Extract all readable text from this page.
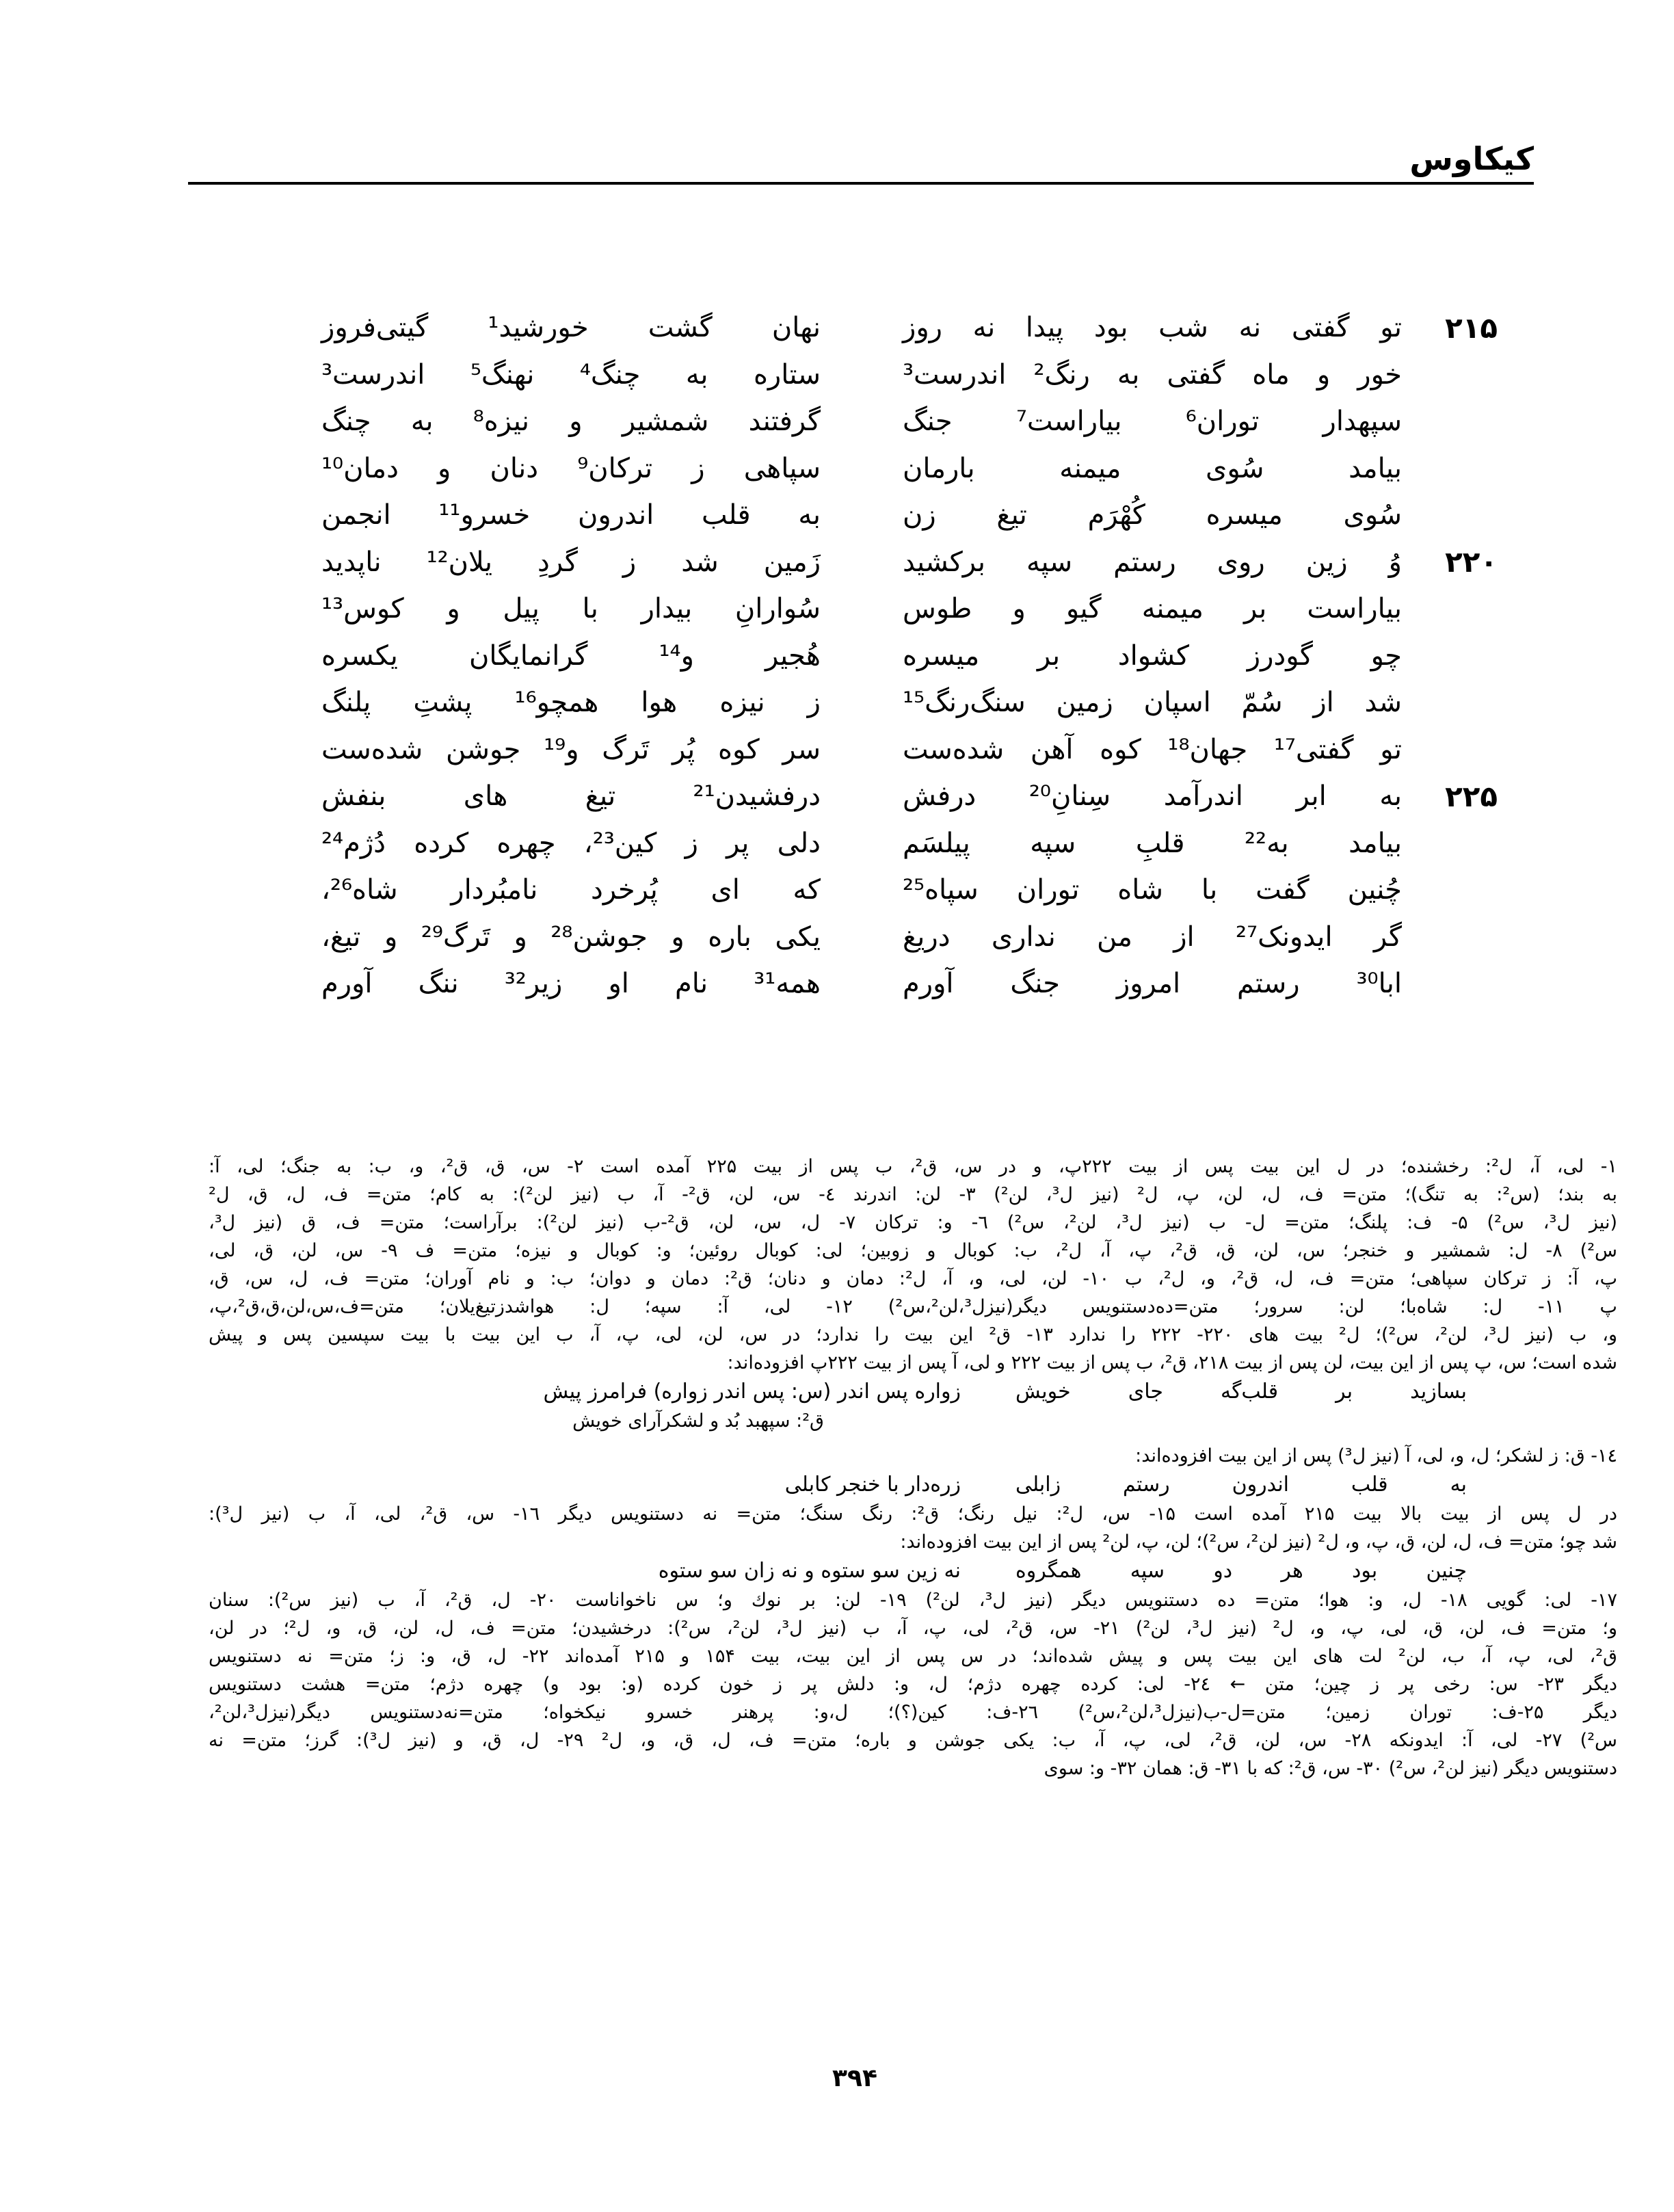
کیکاوس
۲۱۵
تو گفتی نه شب بود پیدا نه روز
نهان گشت خورشید¹ گیتی‌فروز
خور و ماه گفتی به رنگ² اندرست³
ستاره به چنگ⁴ نهنگ⁵ اندرست³
سپهدار توران⁶ بیاراست⁷ جنگ
گرفتند شمشیر و نیزه⁸ به چنگ
بیامد سُوی میمنه بارمان
سپاهی ز ترکان⁹ دنان و دمان¹⁰
سُوی میسره کُهْرَم تیغ زن
به قلب اندرون خسرو¹¹ انجمن
۲۲۰
وُ زین روی رستم سپه برکشید
زَمین شد ز گردِ یلان¹² ناپدید
بیاراست بر میمنه گیو و طوس
سُوارانِ بیدار با پیل و کوس¹³
چو گودرز کشواد بر میسره
هُجیر و¹⁴ گرانمایگان یکسره
شد از سُمّ اسپان زمین سنگ‌رنگ¹⁵
ز نیزه هوا همچو¹⁶ پشتِ پلنگ
تو گفتی¹⁷ جهان¹⁸ کوه آهن شده‌ست
سر کوه پُر تَرگ و¹⁹ جوشن شده‌ست
۲۲۵
به ابر اندرآمد سِنانِ²⁰ درفش
درفشیدن²¹ تیغ های بنفش
بیامد به²² قلبِ سپه پیلسَم
دلی پر ز کین²³، چهره کرده دُژم²⁴
چُنین گفت با شاه توران سپاه²⁵
که ای پُرخرد نامبُردار شاه²⁶،
گر ایدونک²⁷ از من نداری دریغ
یکی باره و جوشن²⁸ و تَرگ²⁹ و تیغ،
ابا³⁰ رستم امروز جنگ آورم
همه³¹ نام او زیر³² ننگ آورم
۱- لی، آ، ل²: رخشنده؛ در ل این بیت پس از بیت ۲۲۲پ، و در س، ق²، ب پس از بیت ۲۲۵ آمده است ۲- س، ق، ق²، و، ب: به جنگ؛ لی، آ:
به بند؛ (س²: به تنگ)؛ متن= ف، ل، لن، پ، ل² (نیز ل³، لن²) ۳- لن: اندرند ٤- س، لن، ق²- آ، ب (نیز لن²): به کام؛ متن= ف، ل، ق، ل²
(نیز ل³، س²) ۵- ف: پلنگ؛ متن= ل- ب (نیز ل³، لن²، س²) ٦- و: ترکان ۷- ل، س، لن، ق²-ب (نیز لن²): برآراست؛ متن= ف، ق (نیز ل³،
س²) ۸- ل: شمشیر و خنجر؛ س، لن، ق، ق²، پ، آ، ل²، ب: کوبال و زوبین؛ لی: کوبال روئین؛ و: کوبال و نیزه؛ متن= ف ۹- س، لن، ق، لی،
پ، آ: ز ترکان سپاهی؛ متن= ف، ل، ق²، و، ل²، ب ۱۰- لن، لی، و، آ، ل²: دمان و دنان؛ ق²: دمان و دوان؛ ب: و نام آوران؛ متن= ف، ل، س، ق،
پ ۱۱- ل: شاه‌با؛ لن: سرور؛ متن=ده‌دستنویس دیگر(نیزل³،لن²،س²) ۱۲- لی، آ: سپه؛ ل: هواشدزتیغ‌یلان؛ متن=ف،س،لن،ق،ق²،پ،
و، ب (نیز ل³، لن²، س²)؛ ل² بیت های ۲۲۰- ۲۲۲ را ندارد ۱۳- ق² این بیت را ندارد؛ در س، لن، لی، پ، آ، ب این بیت با بیت سپسین پس و پیش
شده است؛ س، پ پس از این بیت، لن پس از بیت ۲۱۸، ق²، ب پس از بیت ۲۲۲ و لی، آ پس از بیت ۲۲۲پ افزوده‌اند:
بسازید بر قلب‌گه جای خویش
زواره پس اندر (س: پس اندر زواره) فرامرز پیش
ق²: سپهبد بُد و لشکرآرای خویش
۱٤- ق: ز لشکر؛ ل، و، لی، آ (نیز ل³) پس از این بیت افزوده‌اند:
به قلب اندرون رستم زابلی
زره‌دار با خنجر کابلی
در ل پس از بیت بالا بیت ۲۱۵ آمده است ۱۵- س، ل²: نیل رنگ؛ ق²: رنگ سنگ؛ متن= نه دستنویس دیگر ۱٦- س، ق²، لی، آ، ب (نیز ل³):
شد چو؛ متن= ف، ل، لن، ق، پ، و، ل² (نیز لن²، س²)؛ لن، پ، لن² پس از این بیت افزوده‌اند:
چنین بود هر دو سپه همگروه
نه زین سو ستوه و نه زان سو ستوه
۱۷- لی: گویی ۱۸- ل، و: هوا؛ متن= ده دستنویس دیگر (نیز ل³، لن²) ۱۹- لن: بر نوك و؛ س ناخواناست ۲۰- ل، ق²، آ، ب (نیز س²): سنان
و؛ متن= ف، لن، ق، لی، پ، و، ل² (نیز ل³، لن²) ۲۱- س، ق²، لی، پ، آ، ب (نیز ل³، لن²، س²): درخشیدن؛ متن= ف، ل، لن، ق، و، ل²؛ در لن،
ق²، لی، پ، آ، ب، لن² لت های این بیت پس و پیش شده‌اند؛ در س پس از این بیت، بیت ۱۵۴ و ۲۱۵ آمده‌اند ۲۲- ل، ق، و: ز؛ متن= نه دستنویس
دیگر ۲۳- س: رخی پر ز چین؛ متن ← ۲٤- لی: کرده چهره دژم؛ ل، و: دلش پر ز خون کرده (و: بود و) چهره دژم؛ متن= هشت دستنویس
دیگر ۲۵-ف: توران زمین؛ متن=ل-ب(نیزل³،لن²،س²) ۲٦-ف: کین(؟)؛ ل،و: پرهنر خسرو نیکخواه؛ متن=نه‌دستنویس دیگر(نیزل³،لن²،
س²) ۲۷- لی، آ: ایدونکه ۲۸- س، لن، ق²، لی، پ، آ، ب: یکی جوشن و باره؛ متن= ف، ل، ق، و، ل² ۲۹- ل، ق، و (نیز ل³): گرز؛ متن= نه
دستنویس دیگر (نیز لن²، س²) ۳۰- س، ق²: که با ۳۱- ق: همان ۳۲- و: سوی
۳۹۴
